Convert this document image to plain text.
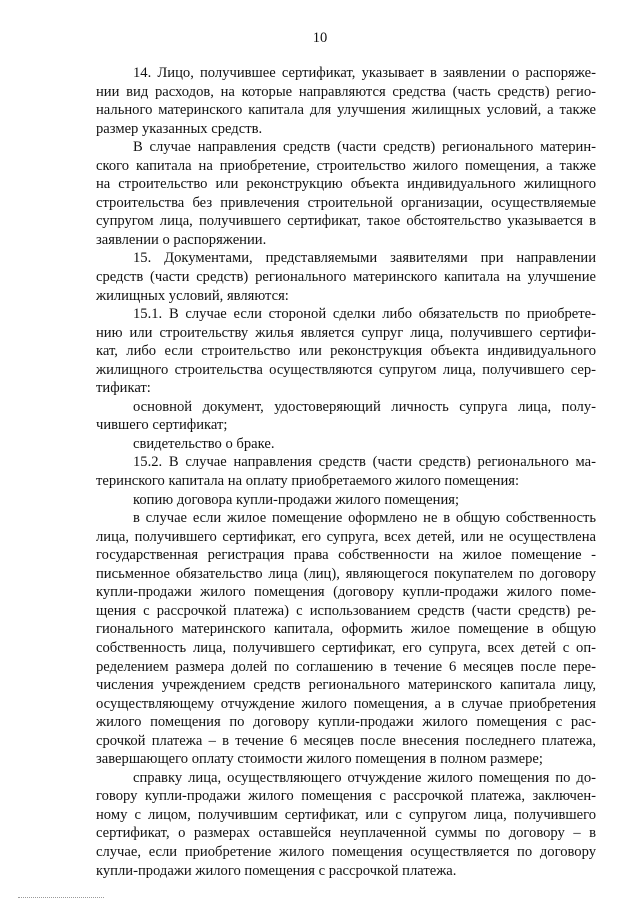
10

14. Лицо, получившее сертификат, указывает в заявлении о распоряже-
нии вид расходов, на которые направляются средства (часть средств) регио-
нального материнского капитала для улучшения жилищных условий, а также
размер указанных средств.

В случае направления средств (части средств) регионального материн-
ского капитала на приобретение, строительство жилого помещения, а также
на строительство или реконструкцию объекта индивидуального жилищного
строительства без привлечения строительной организации, осуществляемые
супругом лица, получившего сертификат, такое обстоятельство указывается в
заявлении о распоряжении.

15. Документами, представляемыми заявителями при направлении
средств (части средств) регионального материнского капитала на улучшение
жилищных условий, являются:

15.1. В случае если стороной сделки либо обязательств по приобрете-
нию или строительству жилья является супруг лица, получившего сертифи-
кат, либо если строительство или реконструкция объекта индивидуального
жилищного строительства осуществляются супругом лица, получившего сер-
тификат:

основной документ, удостоверяющий личность супруга лица, полу-
чившего сертификат;

свидетельство о браке.

15.2. В случае направления средств (части средств) регионального ма-
теринского капитала на оплату приобретаемого жилого помещения:

копию договора купли-продажи жилого помещения;

в случае если жилое помещение оформлено не в общую собственность
лица, получившего сертификат, его супруга, всех детей, или не осуществлена
государственная регистрация права собственности на жилое помещение -
письменное обязательство лица (лиц), являющегося покупателем по договору
купли-продажи жилого помещения (договору купли-продажи жилого поме-
щения с рассрочкой платежа) с использованием средств (части средств) ре-
гионального материнского капитала, оформить жилое помещение в общую
собственность лица, получившего сертификат, его супруга, всех детей с оп-
ределением размера долей по соглашению в течение 6 месяцев после пере-
числения учреждением средств регионального материнского капитала лицу,
осуществляющему отчуждение жилого помещения, а в случае приобретения
жилого помещения по договору купли-продажи жилого помещения с рас-
срочкой платежа – в течение 6 месяцев после внесения последнего платежа,
завершающего оплату стоимости жилого помещения в полном размере;

справку лица, осуществляющего отчуждение жилого помещения по до-
говору купли-продажи жилого помещения с рассрочкой платежа, заключен-
ному с лицом, получившим сертификат, или с супругом лица, получившего
сертификат, о размерах оставшейся неуплаченной суммы по договору – в
случае, если приобретение жилого помещения осуществляется по договору
купли-продажи жилого помещения с рассрочкой платежа.
